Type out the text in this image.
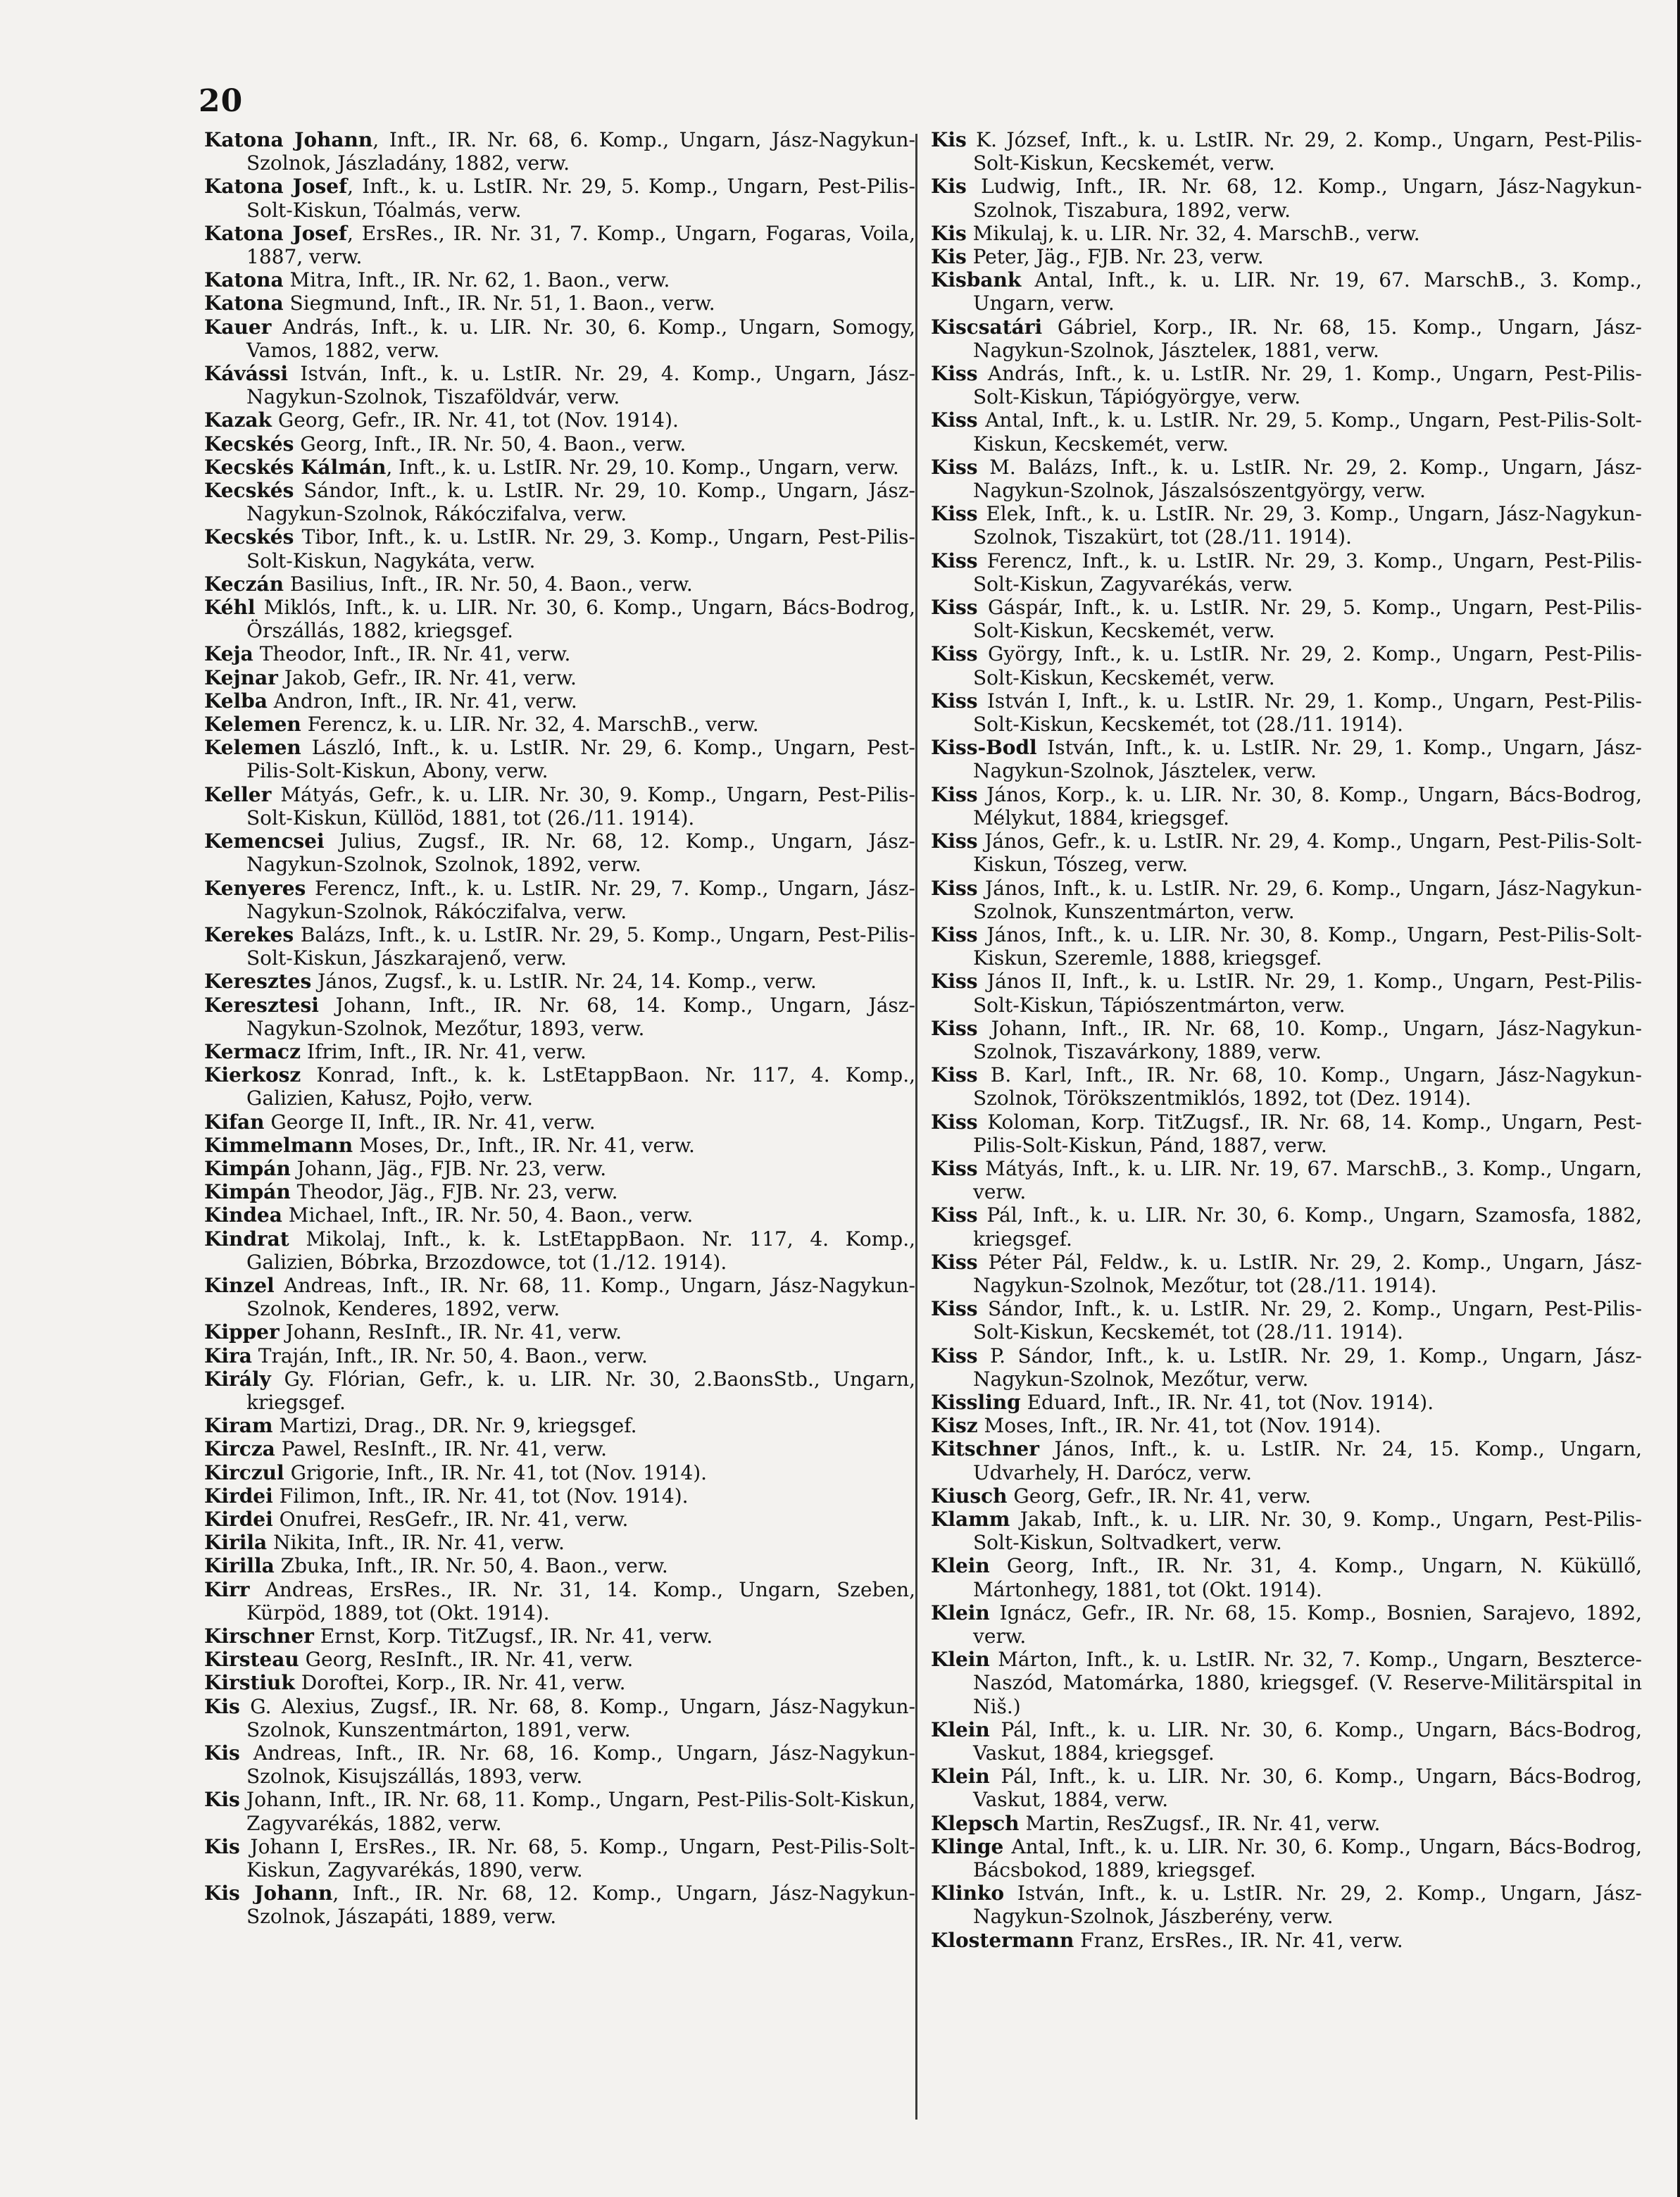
20

Katona Johann, Inft., IR. Nr. 68, 6. Komp., Ungarn, Jász-Nagykun-Szolnok, Jászladány, 1882, verw.

Katona Josef, Inft., k. u. LstIR. Nr. 29, 5. Komp., Ungarn, Pest-Pilis-Solt-Kiskun, Tóalmás, verw.

Katona Josef, ErsRes., IR. Nr. 31, 7. Komp., Ungarn, Fogaras, Voila, 1887, verw.

Katona Mitra, Inft., IR. Nr. 62, 1. Baon., verw.

Katona Siegmund, Inft., IR. Nr. 51, 1. Baon., verw.

Kauer András, Inft., k. u. LIR. Nr. 30, 6. Komp., Ungarn, Somogy, Vamos, 1882, verw.

Kávássi István, Inft., k. u. LstIR. Nr. 29, 4. Komp., Ungarn, Jász-Nagykun-Szolnok, Tiszaföldvár, verw.

Kazak Georg, Gefr., IR. Nr. 41, tot (Nov. 1914).

Kecskés Georg, Inft., IR. Nr. 50, 4. Baon., verw.

Kecskés Kálmán, Inft., k. u. LstIR. Nr. 29, 10. Komp., Ungarn, verw.

Kecskés Sándor, Inft., k. u. LstIR. Nr. 29, 10. Komp., Ungarn, Jász-Nagykun-Szolnok, Rákóczifalva, verw.

Kecskés Tibor, Inft., k. u. LstIR. Nr. 29, 3. Komp., Ungarn, Pest-Pilis-Solt-Kiskun, Nagykáta, verw.

Keczán Basilius, Inft., IR. Nr. 50, 4. Baon., verw.

Kéhl Miklós, Inft., k. u. LIR. Nr. 30, 6. Komp., Ungarn, Bács-Bodrog, Örszállás, 1882, kriegsgef.

Keja Theodor, Inft., IR. Nr. 41, verw.

Kejnar Jakob, Gefr., IR. Nr. 41, verw.

Kelba Andron, Inft., IR. Nr. 41, verw.

Kelemen Ferencz, k. u. LIR. Nr. 32, 4. MarschB., verw.

Kelemen László, Inft., k. u. LstIR. Nr. 29, 6. Komp., Ungarn, Pest-Pilis-Solt-Kiskun, Abony, verw.

Keller Mátyás, Gefr., k. u. LIR. Nr. 30, 9. Komp., Ungarn, Pest-Pilis-Solt-Kiskun, Küllöd, 1881, tot (26./11. 1914).

Kemencsei Julius, Zugsf., IR. Nr. 68, 12. Komp., Ungarn, Jász-Nagykun-Szolnok, Szolnok, 1892, verw.

Kenyeres Ferencz, Inft., k. u. LstIR. Nr. 29, 7. Komp., Ungarn, Jász-Nagykun-Szolnok, Rákóczifalva, verw.

Kerekes Balázs, Inft., k. u. LstIR. Nr. 29, 5. Komp., Ungarn, Pest-Pilis-Solt-Kiskun, Jászkarajenő, verw.

Keresztes János, Zugsf., k. u. LstIR. Nr. 24, 14. Komp., verw.

Keresztesi Johann, Inft., IR. Nr. 68, 14. Komp., Ungarn, Jász-Nagykun-Szolnok, Mezőtur, 1893, verw.

Kermacz Ifrim, Inft., IR. Nr. 41, verw.

Kierkosz Konrad, Inft., k. k. LstEtappBaon. Nr. 117, 4. Komp., Galizien, Kałusz, Pojło, verw.

Kifan George II, Inft., IR. Nr. 41, verw.

Kimmelmann Moses, Dr., Inft., IR. Nr. 41, verw.

Kimpán Johann, Jäg., FJB. Nr. 23, verw.

Kimpán Theodor, Jäg., FJB. Nr. 23, verw.

Kindea Michael, Inft., IR. Nr. 50, 4. Baon., verw.

Kindrat Mikolaj, Inft., k. k. LstEtappBaon. Nr. 117, 4. Komp., Galizien, Bóbrka, Brzozdowce, tot (1./12. 1914).

Kinzel Andreas, Inft., IR. Nr. 68, 11. Komp., Ungarn, Jász-Nagykun-Szolnok, Kenderes, 1892, verw.

Kipper Johann, ResInft., IR. Nr. 41, verw.

Kira Traján, Inft., IR. Nr. 50, 4. Baon., verw.

Király Gy. Flórian, Gefr., k. u. LIR. Nr. 30, 2.BaonsStb., Ungarn, kriegsgef.

Kiram Martizi, Drag., DR. Nr. 9, kriegsgef.

Kircza Pawel, ResInft., IR. Nr. 41, verw.

Kirczul Grigorie, Inft., IR. Nr. 41, tot (Nov. 1914).

Kirdei Filimon, Inft., IR. Nr. 41, tot (Nov. 1914).

Kirdei Onufrei, ResGefr., IR. Nr. 41, verw.

Kirila Nikita, Inft., IR. Nr. 41, verw.

Kirilla Zbuka, Inft., IR. Nr. 50, 4. Baon., verw.

Kirr Andreas, ErsRes., IR. Nr. 31, 14. Komp., Ungarn, Szeben, Kürpöd, 1889, tot (Okt. 1914).

Kirschner Ernst, Korp. TitZugsf., IR. Nr. 41, verw.

Kirsteau Georg, ResInft., IR. Nr. 41, verw.

Kirstiuk Doroftei, Korp., IR. Nr. 41, verw.

Kis G. Alexius, Zugsf., IR. Nr. 68, 8. Komp., Ungarn, Jász-Nagykun-Szolnok, Kunszentmárton, 1891, verw.

Kis Andreas, Inft., IR. Nr. 68, 16. Komp., Ungarn, Jász-Nagykun-Szolnok, Kisujszállás, 1893, verw.

Kis Johann, Inft., IR. Nr. 68, 11. Komp., Ungarn, Pest-Pilis-Solt-Kiskun, Zagyvarékás, 1882, verw.

Kis Johann I, ErsRes., IR. Nr. 68, 5. Komp., Ungarn, Pest-Pilis-Solt-Kiskun, Zagyvarékás, 1890, verw.

Kis Johann, Inft., IR. Nr. 68, 12. Komp., Ungarn, Jász-Nagykun-Szolnok, Jászapáti, 1889, verw.

Kis K. József, Inft., k. u. LstIR. Nr. 29, 2. Komp., Ungarn, Pest-Pilis-Solt-Kiskun, Kecskemét, verw.

Kis Ludwig, Inft., IR. Nr. 68, 12. Komp., Ungarn, Jász-Nagykun-Szolnok, Tiszabura, 1892, verw.

Kis Mikulaj, k. u. LIR. Nr. 32, 4. MarschB., verw.

Kis Peter, Jäg., FJB. Nr. 23, verw.

Kisbank Antal, Inft., k. u. LIR. Nr. 19, 67. MarschB., 3. Komp., Ungarn, verw.

Kiscsatári Gábriel, Korp., IR. Nr. 68, 15. Komp., Ungarn, Jász-Nagykun-Szolnok, Jászteleк, 1881, verw.

Kiss András, Inft., k. u. LstIR. Nr. 29, 1. Komp., Ungarn, Pest-Pilis-Solt-Kiskun, Tápiógyörgye, verw.

Kiss Antal, Inft., k. u. LstIR. Nr. 29, 5. Komp., Ungarn, Pest-Pilis-Solt-Kiskun, Kecskemét, verw.

Kiss M. Balázs, Inft., k. u. LstIR. Nr. 29, 2. Komp., Ungarn, Jász-Nagykun-Szolnok, Jászalsószentgyörgy, verw.

Kiss Elek, Inft., k. u. LstIR. Nr. 29, 3. Komp., Ungarn, Jász-Nagykun-Szolnok, Tiszakürt, tot (28./11. 1914).

Kiss Ferencz, Inft., k. u. LstIR. Nr. 29, 3. Komp., Ungarn, Pest-Pilis-Solt-Kiskun, Zagyvarékás, verw.

Kiss Gáspár, Inft., k. u. LstIR. Nr. 29, 5. Komp., Ungarn, Pest-Pilis-Solt-Kiskun, Kecskemét, verw.

Kiss György, Inft., k. u. LstIR. Nr. 29, 2. Komp., Ungarn, Pest-Pilis-Solt-Kiskun, Kecskemét, verw.

Kiss István I, Inft., k. u. LstIR. Nr. 29, 1. Komp., Ungarn, Pest-Pilis-Solt-Kiskun, Kecskemét, tot (28./11. 1914).

Kiss-Bodl István, Inft., k. u. LstIR. Nr. 29, 1. Komp., Ungarn, Jász-Nagykun-Szolnok, Jászteleк, verw.

Kiss János, Korp., k. u. LIR. Nr. 30, 8. Komp., Ungarn, Bács-Bodrog, Mélykut, 1884, kriegsgef.

Kiss János, Gefr., k. u. LstIR. Nr. 29, 4. Komp., Ungarn, Pest-Pilis-Solt-Kiskun, Tószeg, verw.

Kiss János, Inft., k. u. LstIR. Nr. 29, 6. Komp., Ungarn, Jász-Nagykun-Szolnok, Kunszentmárton, verw.

Kiss János, Inft., k. u. LIR. Nr. 30, 8. Komp., Ungarn, Pest-Pilis-Solt-Kiskun, Szeremle, 1888, kriegsgef.

Kiss János II, Inft., k. u. LstIR. Nr. 29, 1. Komp., Ungarn, Pest-Pilis-Solt-Kiskun, Tápiószentmárton, verw.

Kiss Johann, Inft., IR. Nr. 68, 10. Komp., Ungarn, Jász-Nagykun-Szolnok, Tiszavárkony, 1889, verw.

Kiss B. Karl, Inft., IR. Nr. 68, 10. Komp., Ungarn, Jász-Nagykun-Szolnok, Törökszentmiklós, 1892, tot (Dez. 1914).

Kiss Koloman, Korp. TitZugsf., IR. Nr. 68, 14. Komp., Ungarn, Pest-Pilis-Solt-Kiskun, Pánd, 1887, verw.

Kiss Mátyás, Inft., k. u. LIR. Nr. 19, 67. MarschB., 3. Komp., Ungarn, verw.

Kiss Pál, Inft., k. u. LIR. Nr. 30, 6. Komp., Ungarn, Szamosfa, 1882, kriegsgef.

Kiss Péter Pál, Feldw., k. u. LstIR. Nr. 29, 2. Komp., Ungarn, Jász-Nagykun-Szolnok, Mezőtur, tot (28./11. 1914).

Kiss Sándor, Inft., k. u. LstIR. Nr. 29, 2. Komp., Ungarn, Pest-Pilis-Solt-Kiskun, Kecskemét, tot (28./11. 1914).

Kiss P. Sándor, Inft., k. u. LstIR. Nr. 29, 1. Komp., Ungarn, Jász-Nagykun-Szolnok, Mezőtur, verw.

Kissling Eduard, Inft., IR. Nr. 41, tot (Nov. 1914).

Kisz Moses, Inft., IR. Nr. 41, tot (Nov. 1914).

Kitschner János, Inft., k. u. LstIR. Nr. 24, 15. Komp., Ungarn, Udvarhely, H. Daróсz, verw.

Kiusch Georg, Gefr., IR. Nr. 41, verw.

Klamm Jakab, Inft., k. u. LIR. Nr. 30, 9. Komp., Ungarn, Pest-Pilis-Solt-Kiskun, Soltvadkert, verw.

Klein Georg, Inft., IR. Nr. 31, 4. Komp., Ungarn, N. Küküllő, Mártonhegy, 1881, tot (Okt. 1914).

Klein Ignácz, Gefr., IR. Nr. 68, 15. Komp., Bosnien, Sarajevo, 1892, verw.

Klein Márton, Inft., k. u. LstIR. Nr. 32, 7. Komp., Ungarn, Beszterce-Naszód, Matomárka, 1880, kriegsgef. (V. Reserve-Militärspital in Niš.)

Klein Pál, Inft., k. u. LIR. Nr. 30, 6. Komp., Ungarn, Bács-Bodrog, Vaskut, 1884, kriegsgef.

Klein Pál, Inft., k. u. LIR. Nr. 30, 6. Komp., Ungarn, Bács-Bodrog, Vaskut, 1884, verw.

Klepsch Martin, ResZugsf., IR. Nr. 41, verw.

Klinge Antal, Inft., k. u. LIR. Nr. 30, 6. Komp., Ungarn, Bács-Bodrog, Bácsbokod, 1889, kriegsgef.

Klinko István, Inft., k. u. LstIR. Nr. 29, 2. Komp., Ungarn, Jász-Nagykun-Szolnok, Jászberény, verw.

Klostermann Franz, ErsRes., IR. Nr. 41, verw.
